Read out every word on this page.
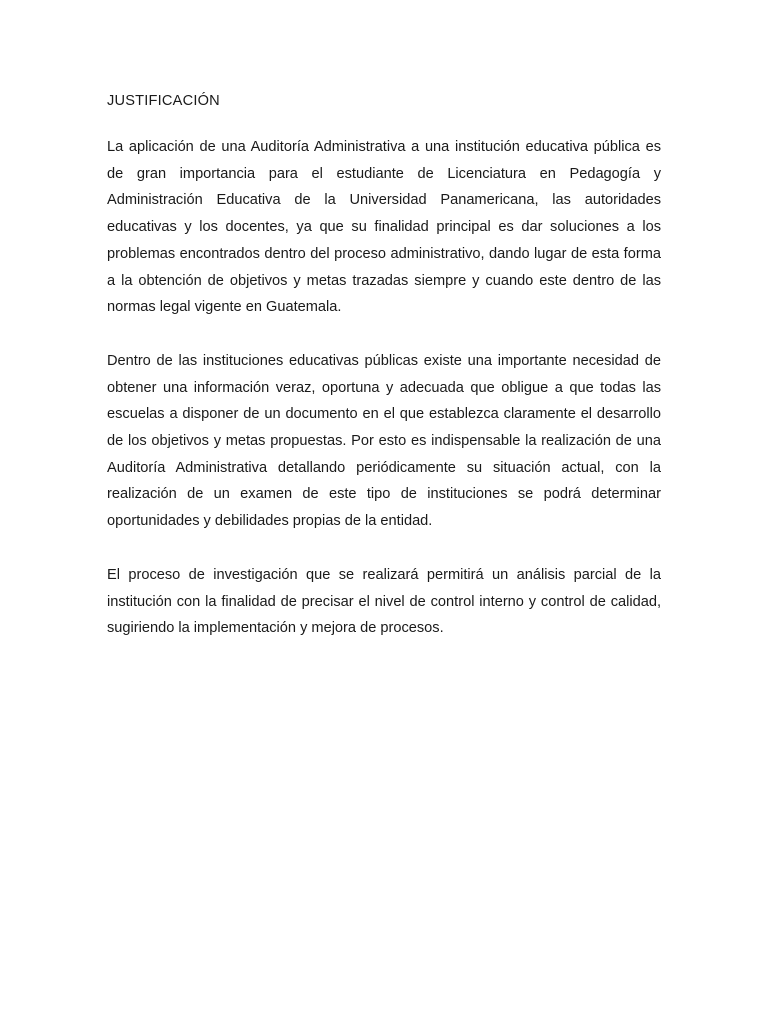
JUSTIFICACIÓN

La aplicación de una Auditoría Administrativa a una institución educativa pública es de gran importancia para el estudiante de Licenciatura en Pedagogía y Administración Educativa de la Universidad Panamericana, las autoridades educativas y los docentes, ya que su finalidad principal es dar soluciones a los problemas encontrados dentro del proceso administrativo, dando lugar de esta forma a la obtención de objetivos y metas trazadas siempre y cuando este dentro de las normas legal vigente en Guatemala.

Dentro de las instituciones educativas públicas existe una importante necesidad de obtener una información veraz, oportuna y adecuada que obligue a que todas las escuelas a disponer de un documento en el que establezca claramente el desarrollo de los objetivos y metas propuestas. Por esto es indispensable la realización de una Auditoría Administrativa detallando periódicamente su situación actual, con la realización de un examen de este tipo de instituciones se podrá determinar oportunidades y debilidades propias de la entidad.

El proceso de investigación que se realizará permitirá un análisis parcial de la institución con la finalidad de precisar el nivel de control interno y control de calidad, sugiriendo la implementación y mejora de procesos.
